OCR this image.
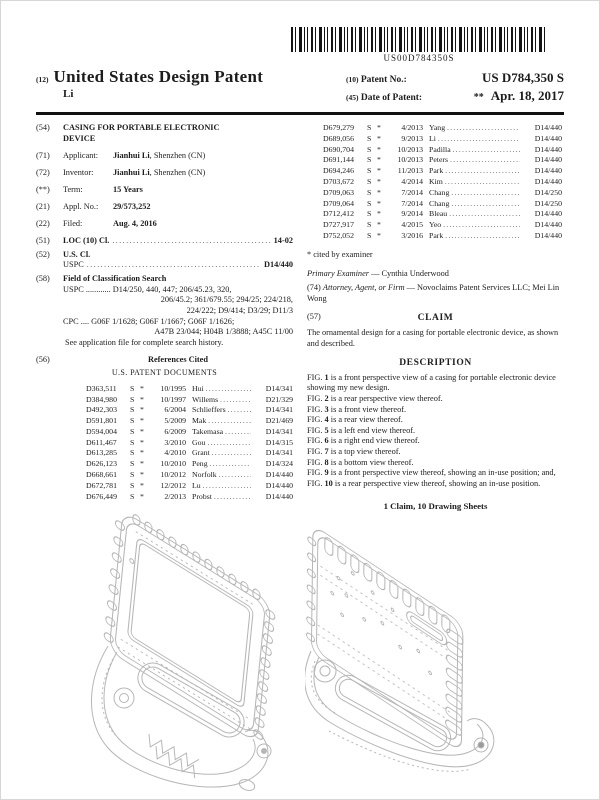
US00D784350S
(12) United States Design Patent
Li
(10) Patent No.:	US D784,350 S
(45) Date of Patent:	** Apr. 18, 2017
(54)	CASING FOR PORTABLE ELECTRONIC DEVICE
(71)	Applicant: Jianhui Li, Shenzhen (CN)
(72)	Inventor: Jianhui Li, Shenzhen (CN)
(**)	Term:	15 Years
(21)	Appl. No.: 29/573,252
(22)	Filed:	Aug. 4, 2016
(51)	LOC (10) Cl. .....	14-02
(52)	U.S. Cl.
USPC .....	D14/440
(58)	Field of Classification Search
USPC ............ D14/250, 440, 447; 206/45.23, 320,
206/45.2; 361/679.55; 294/25; 224/218,
224/222; D9/414; D3/29; D11/3
CPC .... G06F 1/1628; G06F 1/1667; G06F 1/1626;
A47B 23/044; H04B 1/3888; A45C 11/00
See application file for complete search history.
(56)	References Cited
U.S. PATENT DOCUMENTS
D363,511	S *	10/1995 Hui .....	D14/341
D384,980	S *	10/1997 Willems .....	D21/329
D492,303	S *	6/2004 Schlieffers .....	D14/341
D591,801	S *	5/2009 Mak .....	D21/469
D594,004	S *	6/2009 Takemasa .....	D14/341
D611,467	S *	3/2010 Gou .....	D14/315
D613,285	S *	4/2010 Grant .....	D14/341
D626,123	S *	10/2010 Peng .....	D14/324
D668,661	S *	10/2012 Norfolk .....	D14/440
D672,781	S *	12/2012 Lu .....	D14/440
D676,449	S *	2/2013 Probst .....	D14/440
D679,279	S *	4/2013 Yang .....	D14/440
D689,056	S *	9/2013 Li .....	D14/440
D690,704	S *	10/2013 Padilla .....	D14/440
D691,144	S *	10/2013 Peters .....	D14/440
D694,246	S *	11/2013 Park .....	D14/440
D703,672	S *	4/2014 Kim .....	D14/440
D709,063	S *	7/2014 Chang .....	D14/250
D709,064	S *	7/2014 Chang .....	D14/250
D712,412	S *	9/2014 Bleau .....	D14/440
D727,917	S *	4/2015 Yeo .....	D14/440
D752,052	S *	3/2016 Park .....	D14/440
* cited by examiner
Primary Examiner — Cynthia Underwood
(74) Attorney, Agent, or Firm — Novoclaims Patent Services LLC; Mei Lin Wong
(57)	CLAIM
The ornamental design for a casing for portable electronic device, as shown and described.
DESCRIPTION
FIG. 1 is a front perspective view of a casing for portable electronic device showing my new design.
FIG. 2 is a rear perspective view thereof.
FIG. 3 is a front view thereof.
FIG. 4 is a rear view thereof.
FIG. 5 is a left end view thereof.
FIG. 6 is a right end view thereof.
FIG. 7 is a top view thereof.
FIG. 8 is a bottom view thereof.
FIG. 9 is a front perspective view thereof, showing an in-use position; and,
FIG. 10 is a rear perspective view thereof, showing an in-use position.
1 Claim, 10 Drawing Sheets
